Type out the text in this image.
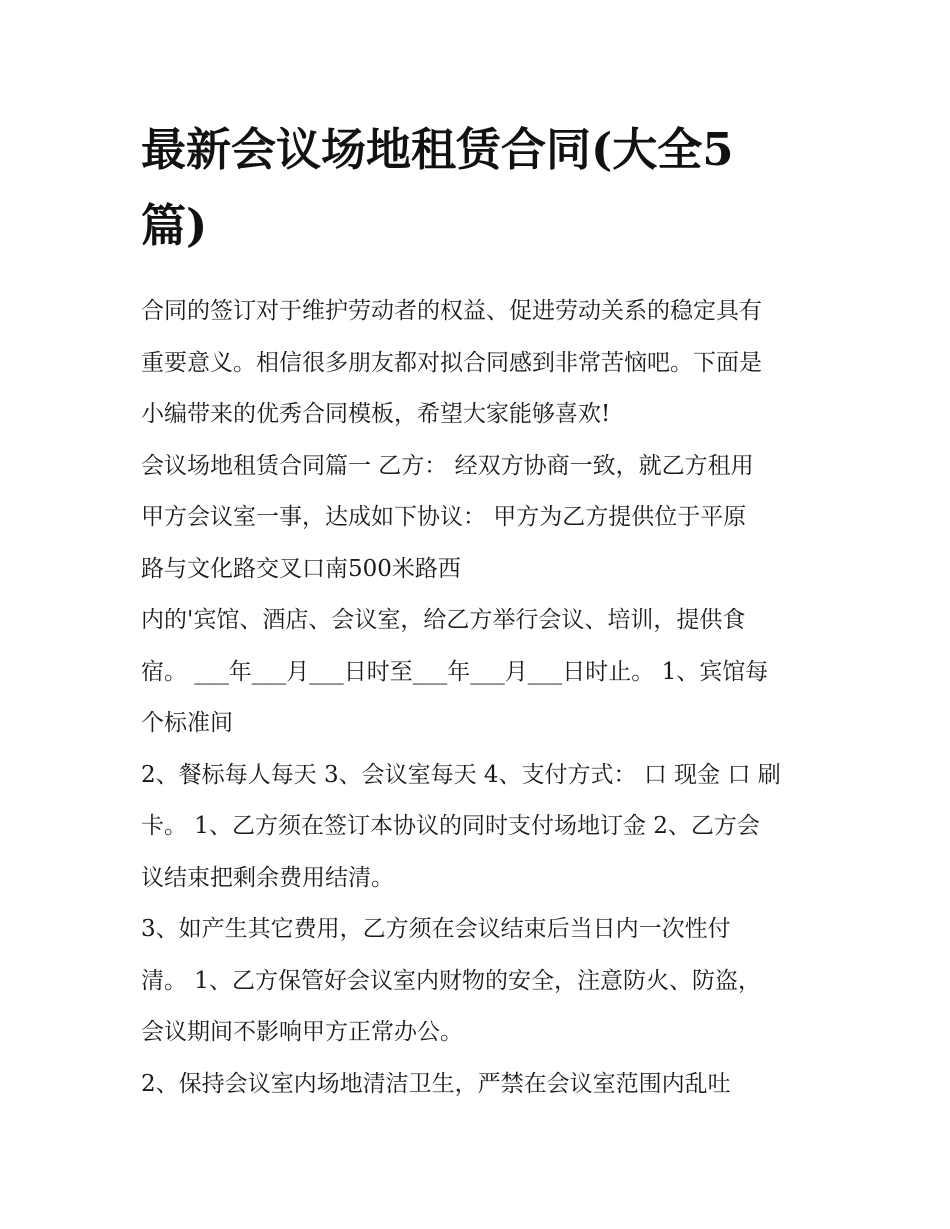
最新会议场地租赁合同(大全5
篇)
合同的签订对于维护劳动者的权益、促进劳动关系的稳定具有
重要意义。相信很多朋友都对拟合同感到非常苦恼吧。下面是
小编带来的优秀合同模板，希望大家能够喜欢!
会议场地租赁合同篇一 乙方： 经双方协商一致，就乙方租用
甲方会议室一事，达成如下协议： 甲方为乙方提供位于平原
路与文化路交叉口南500米路西
内的'宾馆、酒店、会议室，给乙方举行会议、培训，提供食
宿。 ___年___月___日时至___年___月___日时止。 1、宾馆每
个标准间
2、餐标每人每天 3、会议室每天 4、支付方式： 口 现金 口 刷
卡。 1、乙方须在签订本协议的同时支付场地订金 2、乙方会
议结束把剩余费用结清。
3、如产生其它费用，乙方须在会议结束后当日内一次性付
清。 1、乙方保管好会议室内财物的安全，注意防火、防盗，
会议期间不影响甲方正常办公。
2、保持会议室内场地清洁卫生，严禁在会议室范围内乱吐
